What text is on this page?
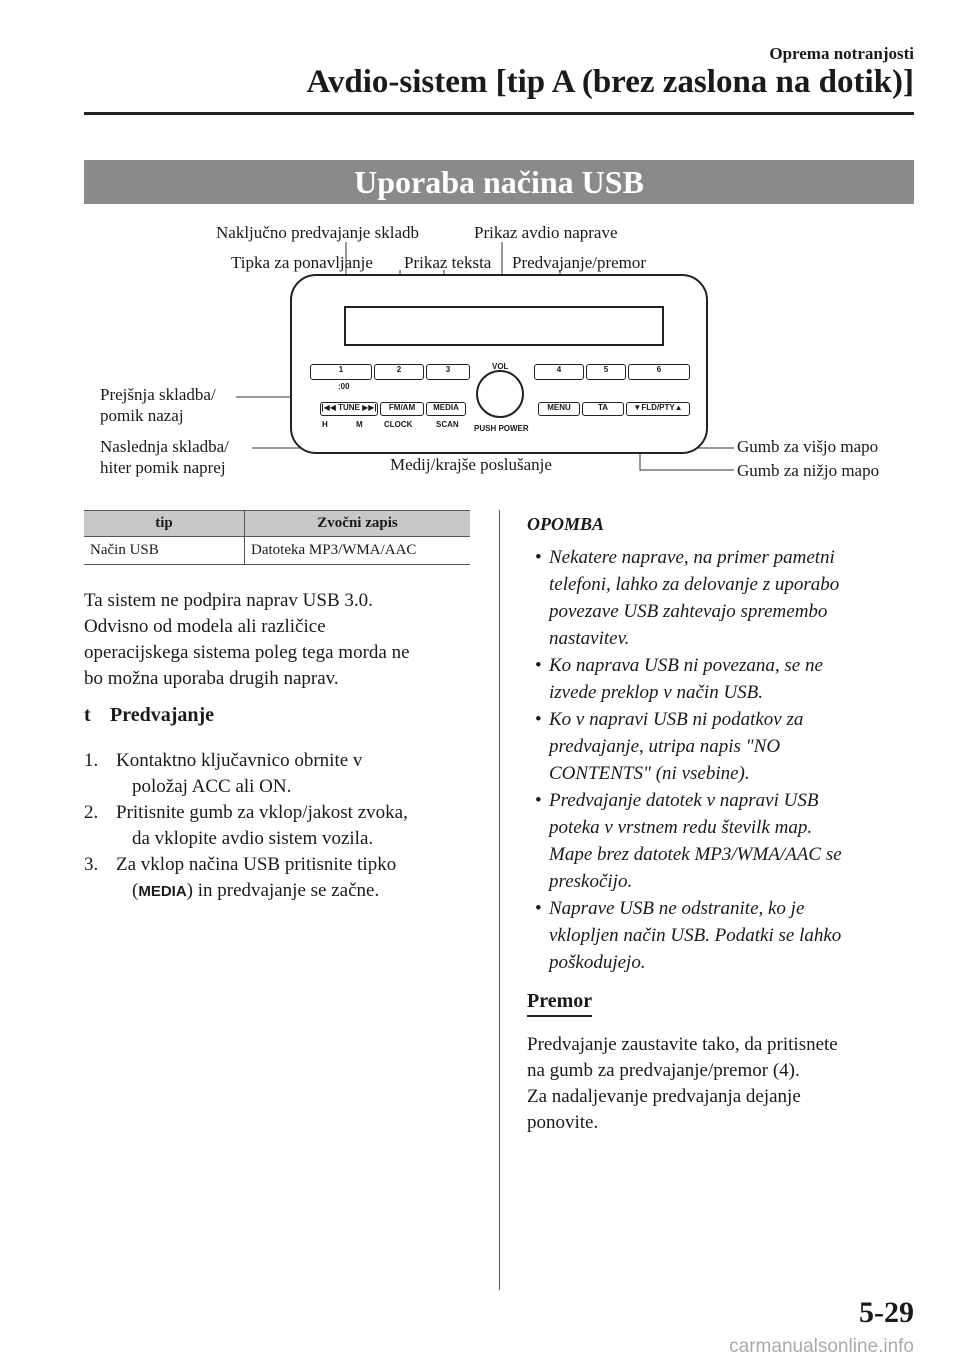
Oprema notranjosti
Avdio-sistem [tip A (brez zaslona na dotik)]
Uporaba načina USB
Naključno predvajanje skladb	Prikaz avdio naprave
Tipka za ponavljanje Prikaz teksta Predvajanje/premor
Prejšnja skladba/
pomik nazaj
Naslednja skladba/
hiter pomik naprej	Medij/krajše poslušanje
Gumb za višjo mapo
Gumb za nižjo mapo
VOL
PUSH POWER
1	2	3	4	5	6
:00
|◀◀ TUNE ▶▶|	FM/AM	MEDIA	MENU	TA	▼FLD/PTY▲
H	M	CLOCK	SCAN
tip	Zvočni zapis
Način USB	Datoteka MP3/WMA/AAC
Ta sistem ne podpira naprav USB 3.0.
Odvisno od modela ali različice
operacijskega sistema poleg tega morda ne
bo možna uporaba drugih naprav.
t Predvajanje
1. Kontaktno ključavnico obrnite v
položaj ACC ali ON.
2. Pritisnite gumb za vklop/jakost zvoka,
da vklopite avdio sistem vozila.
3. Za vklop načina USB pritisnite tipko
(MEDIA) in predvajanje se začne.
OPOMBA
• Nekatere naprave, na primer pametni
telefoni, lahko za delovanje z uporabo
povezave USB zahtevajo spremembo
nastavitev.
• Ko naprava USB ni povezana, se ne
izvede preklop v način USB.
• Ko v napravi USB ni podatkov za
predvajanje, utripa napis "NO
CONTENTS" (ni vsebine).
• Predvajanje datotek v napravi USB
poteka v vrstnem redu številk map.
Mape brez datotek MP3/WMA/AAC se
preskočijo.
• Naprave USB ne odstranite, ko je
vklopljen način USB. Podatki se lahko
poškodujejo.
Premor
Predvajanje zaustavite tako, da pritisnete
na gumb za predvajanje/premor (4).
Za nadaljevanje predvajanja dejanje
ponovite.
5-29
carmanualsonline.info
